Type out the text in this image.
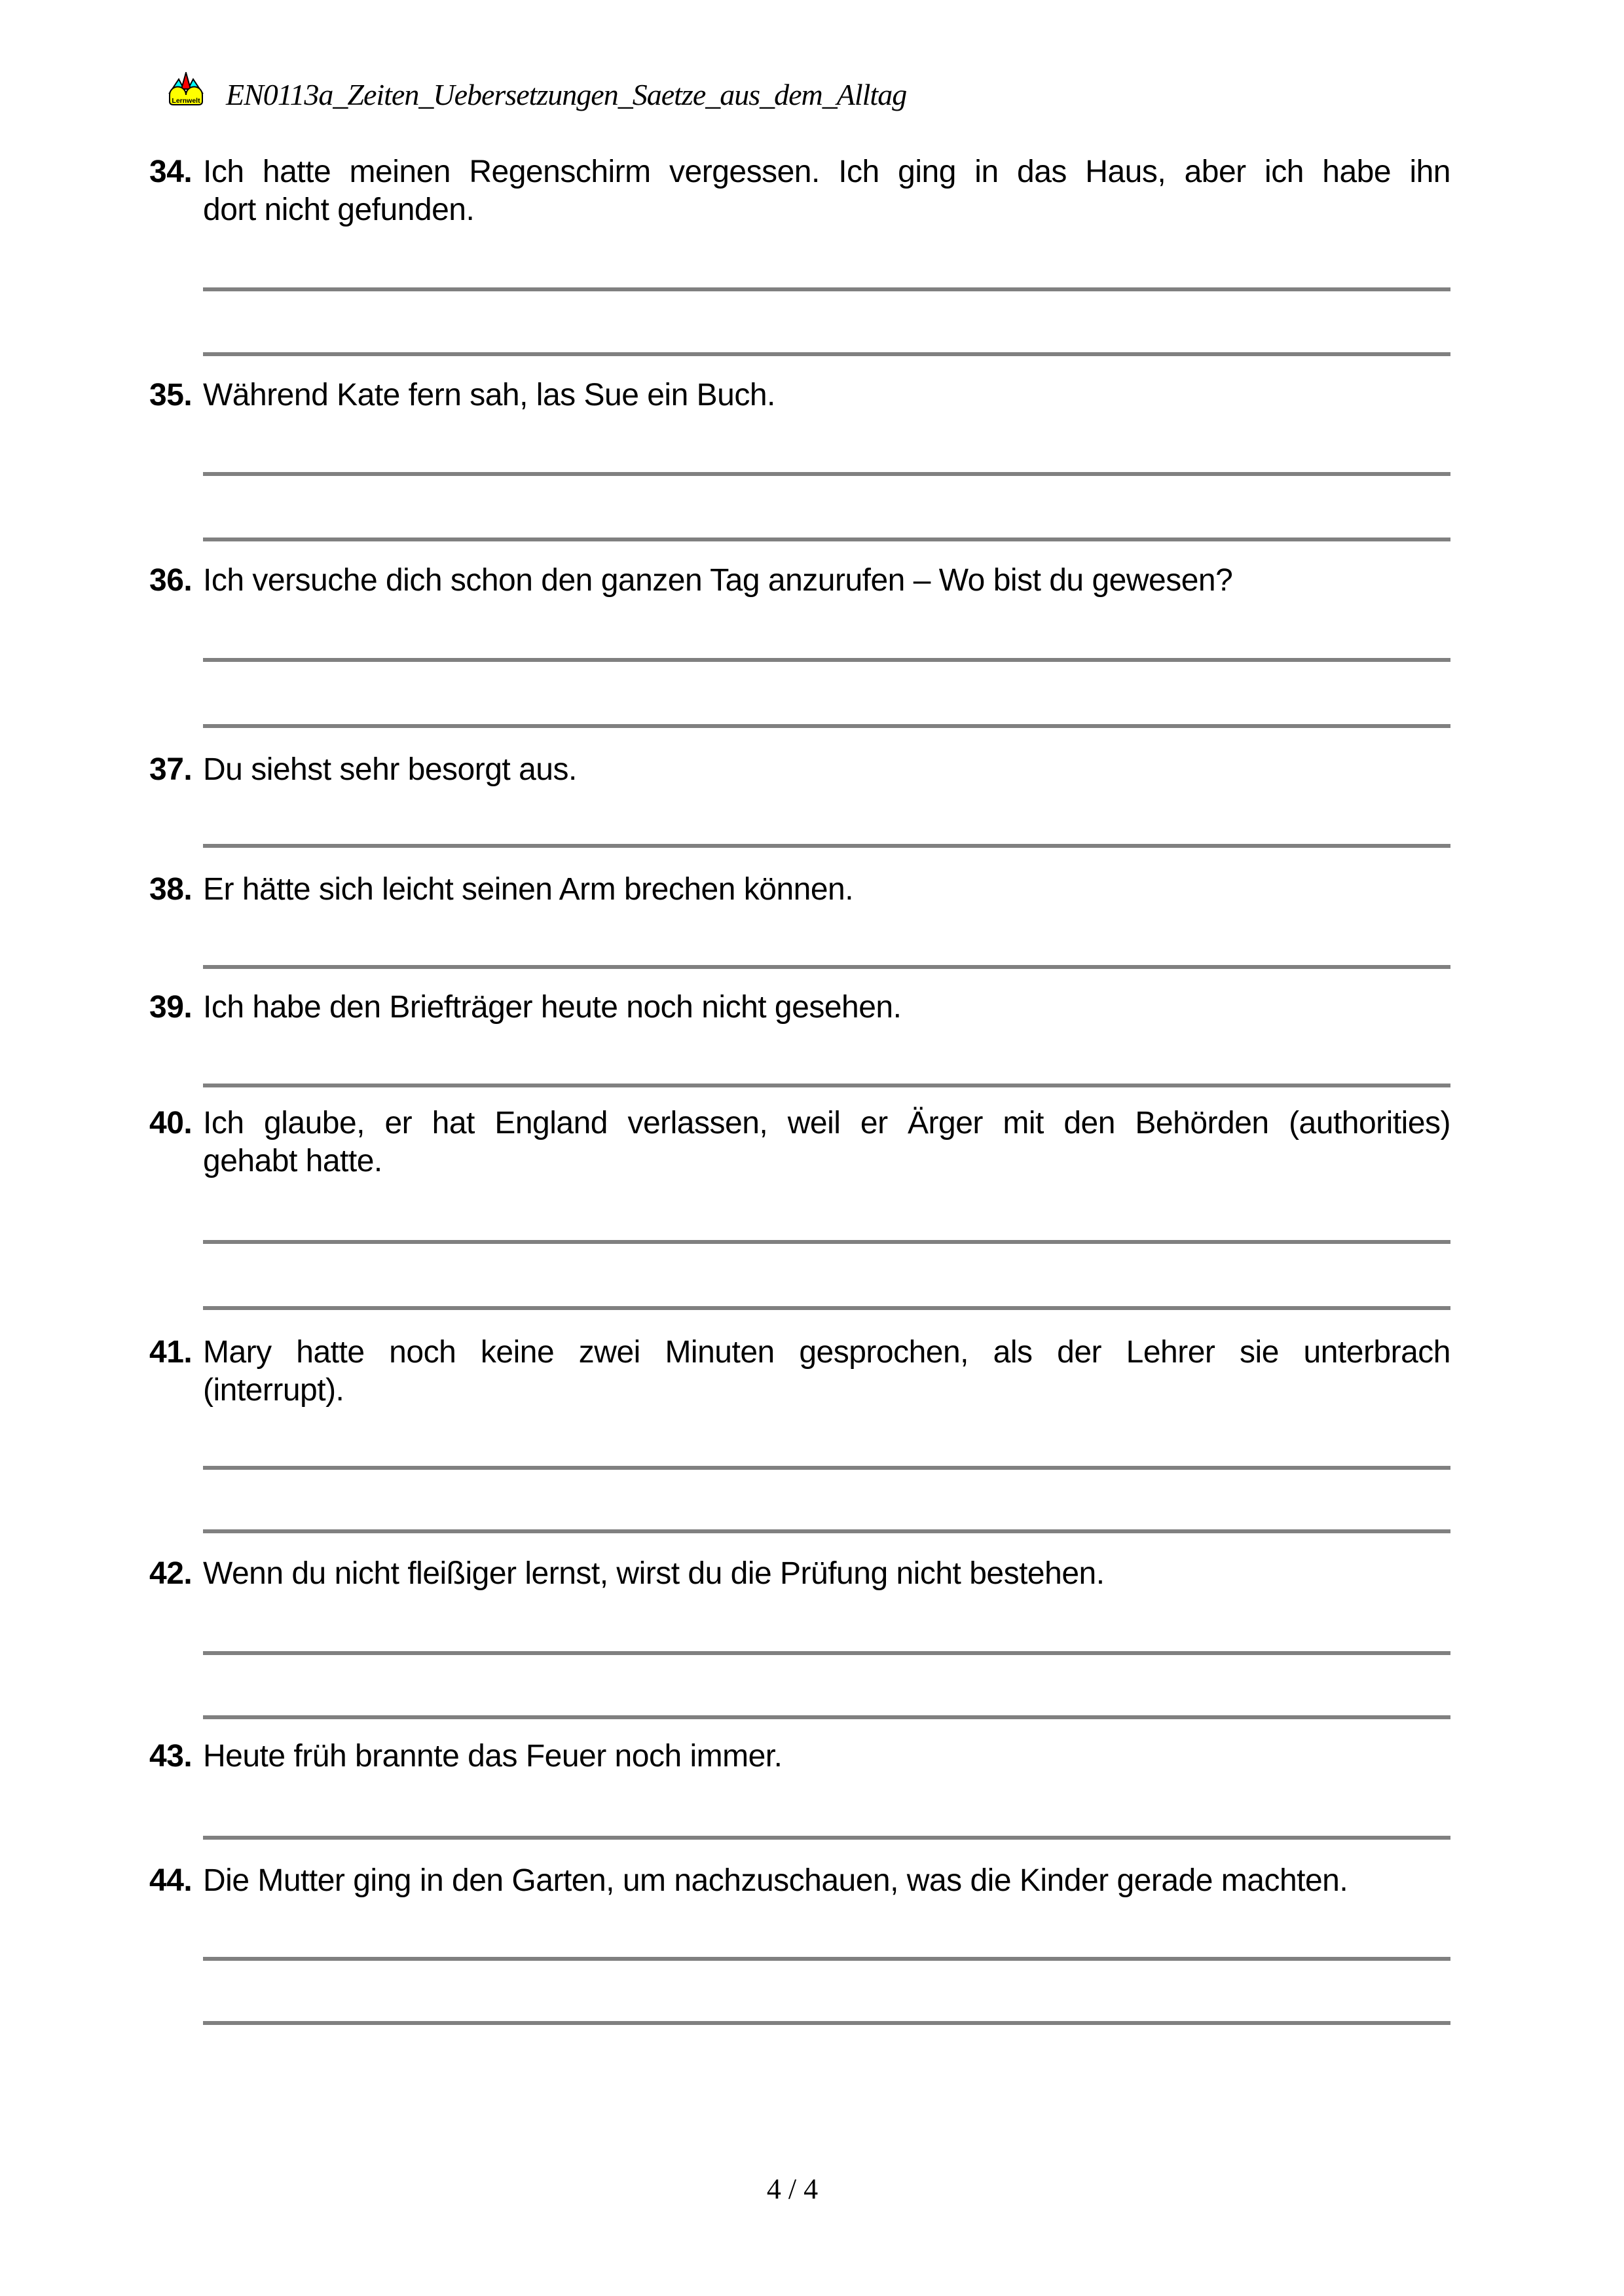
Lernwelt EN0113a_Zeiten_Uebersetzungen_Saetze_aus_dem_Alltag
34. Ich hatte meinen Regenschirm vergessen. Ich ging in das Haus, aber ich habe ihn
dort nicht gefunden.
35. Während Kate fern sah, las Sue ein Buch.
36. Ich versuche dich schon den ganzen Tag anzurufen – Wo bist du gewesen?
37. Du siehst sehr besorgt aus.
38. Er hätte sich leicht seinen Arm brechen können.
39. Ich habe den Briefträger heute noch nicht gesehen.
40. Ich glaube, er hat England verlassen, weil er Ärger mit den Behörden (authorities)
gehabt hatte.
41. Mary hatte noch keine zwei Minuten gesprochen, als der Lehrer sie unterbrach
(interrupt).
42. Wenn du nicht fleißiger lernst, wirst du die Prüfung nicht bestehen.
43. Heute früh brannte das Feuer noch immer.
44. Die Mutter ging in den Garten, um nachzuschauen, was die Kinder gerade machten.
4 / 4
